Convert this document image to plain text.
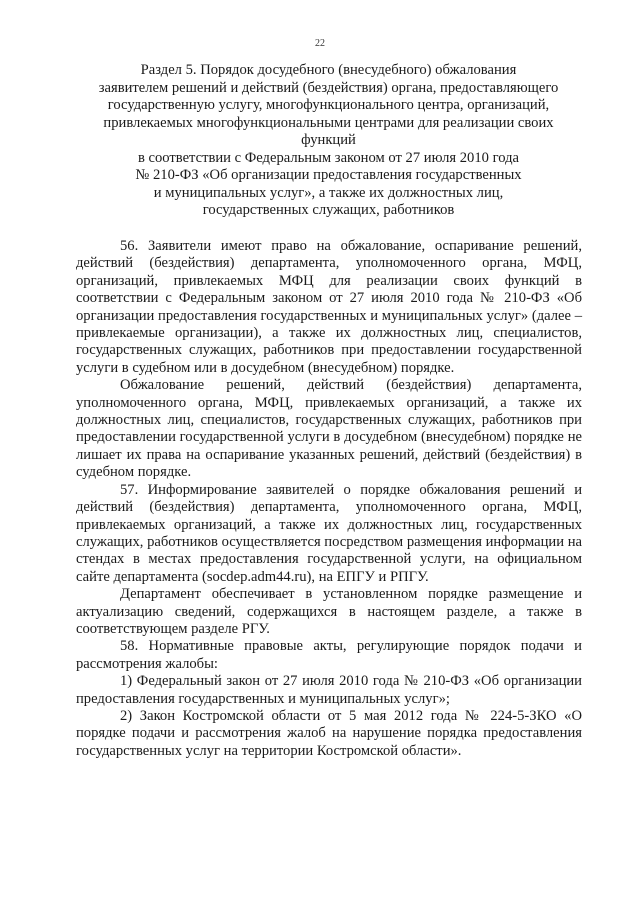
22
Раздел 5. Порядок досудебного (внесудебного) обжалования
заявителем решений и действий (бездействия) органа, предоставляющего
государственную услугу, многофункционального центра, организаций,
привлекаемых многофункциональными центрами для реализации своих
функций
в соответствии с Федеральным законом от 27 июля 2010 года
№ 210-ФЗ «Об организации предоставления государственных
и муниципальных услуг», а также их должностных лиц,
государственных служащих, работников

56. Заявители имеют право на обжалование, оспаривание решений, действий (бездействия) департамента, уполномоченного органа, МФЦ, организаций, привлекаемых МФЦ для реализации своих функций в соответствии с Федеральным законом от 27 июля 2010 года № 210-ФЗ «Об организации предоставления государственных и муниципальных услуг» (далее – привлекаемые организации), а также их должностных лиц, специалистов, государственных служащих, работников при предоставлении государственной услуги в судебном или в досудебном (внесудебном) порядке.

Обжалование решений, действий (бездействия) департамента, уполномоченного органа, МФЦ, привлекаемых организаций, а также их должностных лиц, специалистов, государственных служащих, работников при предоставлении государственной услуги в досудебном (внесудебном) порядке не лишает их права на оспаривание указанных решений, действий (бездействия) в судебном порядке.

57. Информирование заявителей о порядке обжалования решений и действий (бездействия) департамента, уполномоченного органа, МФЦ, привлекаемых организаций, а также их должностных лиц, государственных служащих, работников осуществляется посредством размещения информации на стендах в местах предоставления государственной услуги, на официальном сайте департамента (socdep.adm44.ru), на ЕПГУ и РПГУ.

Департамент обеспечивает в установленном порядке размещение и актуализацию сведений, содержащихся в настоящем разделе, а также в соответствующем разделе РГУ.

58. Нормативные правовые акты, регулирующие порядок подачи и рассмотрения жалобы:

1) Федеральный закон от 27 июля 2010 года № 210-ФЗ «Об организации предоставления государственных и муниципальных услуг»;

2) Закон Костромской области от 5 мая 2012 года № 224-5-ЗКО «О порядке подачи и рассмотрения жалоб на нарушение порядка предоставления государственных услуг на территории Костромской области».
